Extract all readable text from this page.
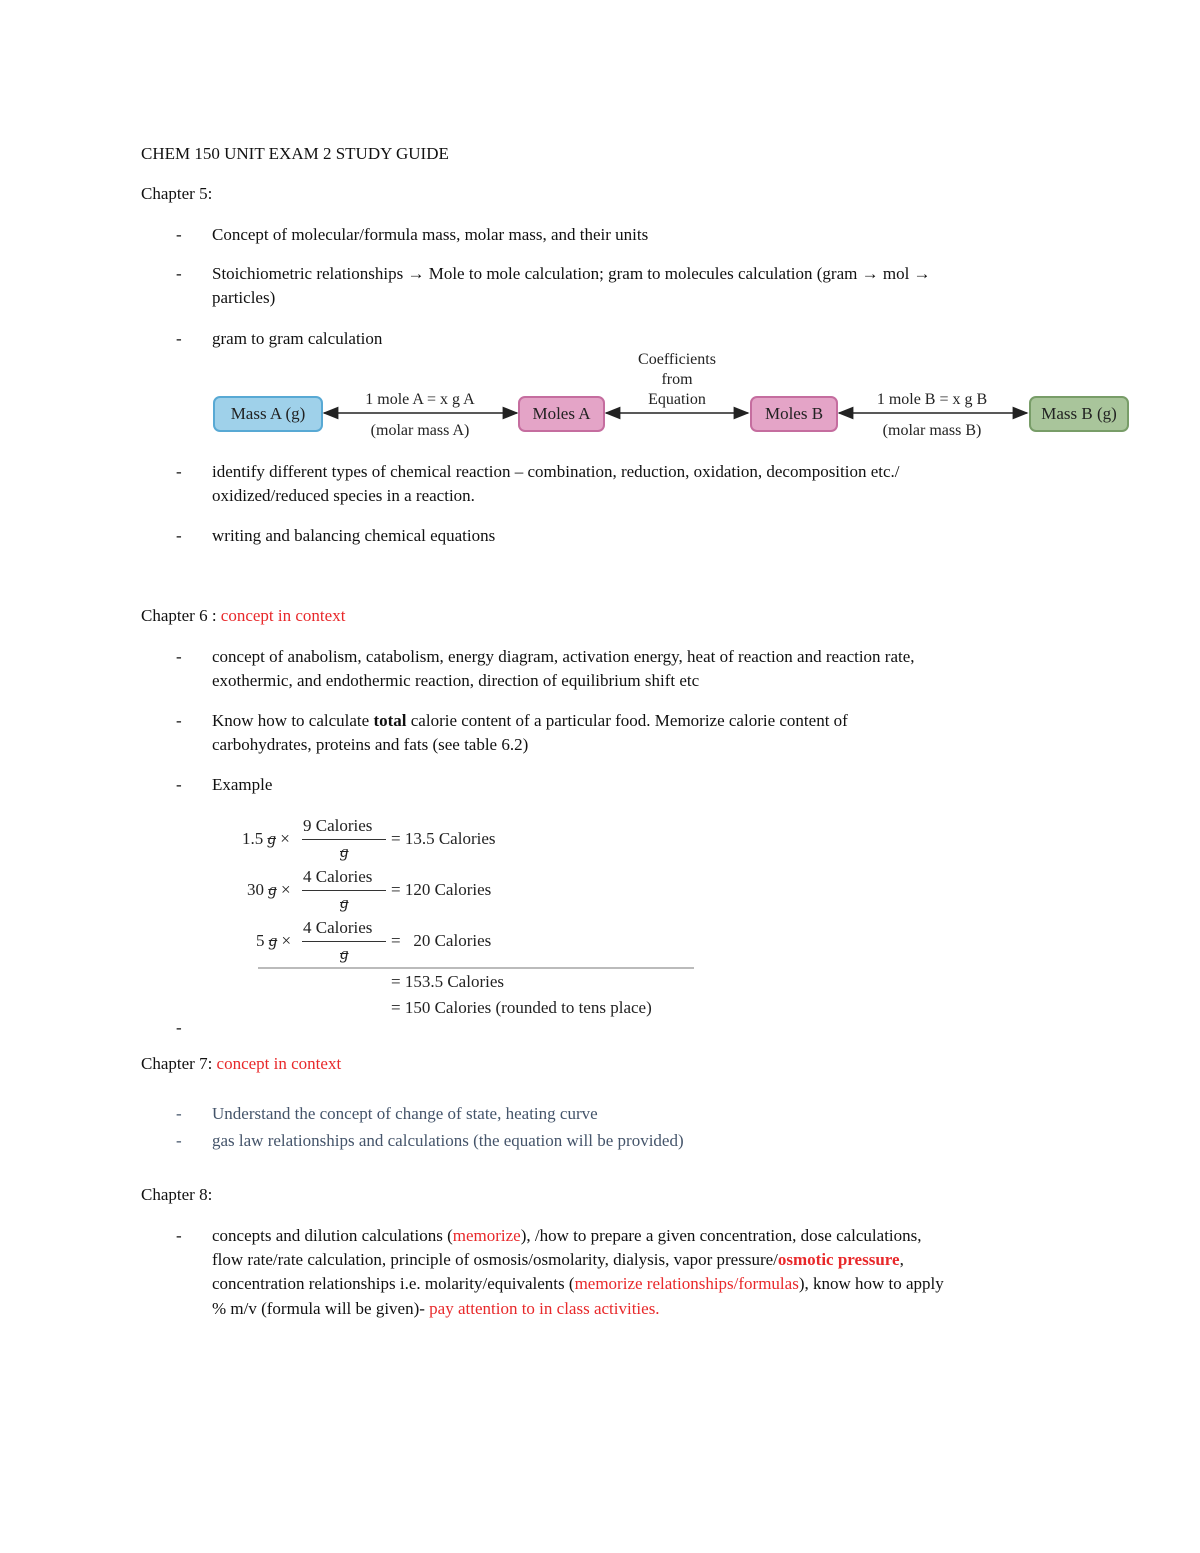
CHEM 150 UNIT EXAM 2 STUDY GUIDE
Chapter 5:
- Concept of molecular/formula mass, molar mass, and their units
- Stoichiometric relationships → Mole to mole calculation; gram to molecules calculation (gram → mol →
particles)
- gram to gram calculation
Mass A (g)	Moles A	Moles B	Mass B (g)
1 mole A = x g A
(molar mass A)
Coefficients
from
Equation	1 mole B = x g B
(molar mass B)
- identify different types of chemical reaction – combination, reduction, oxidation, decomposition etc./
oxidized/reduced species in a reaction.
- writing and balancing chemical equations
Chapter 6 : concept in context
- concept of anabolism, catabolism, energy diagram, activation energy, heat of reaction and reaction rate,
exothermic, and endothermic reaction, direction of equilibrium shift etc
- Know how to calculate total calorie content of a particular food. Memorize calorie content of
carbohydrates, proteins and fats (see table 6.2)
- Example
1.5 g ×
9 Calories
g
= 13.5 Calories
30 g ×
4 Calories
g
= 120 Calories
5 g ×
4 Calories
g
=   20 Calories
= 153.5 Calories
= 150 Calories (rounded to tens place)
-
Chapter 7: concept in context
- Understand the concept of change of state, heating curve
- gas law relationships and calculations (the equation will be provided)
Chapter 8:
- concepts and dilution calculations (memorize), /how to prepare a given concentration, dose calculations,
flow rate/rate calculation, principle of osmosis/osmolarity, dialysis, vapor pressure/osmotic pressure,
concentration relationships i.e. molarity/equivalents (memorize relationships/formulas), know how to apply
% m/v (formula will be given)- pay attention to in class activities.
